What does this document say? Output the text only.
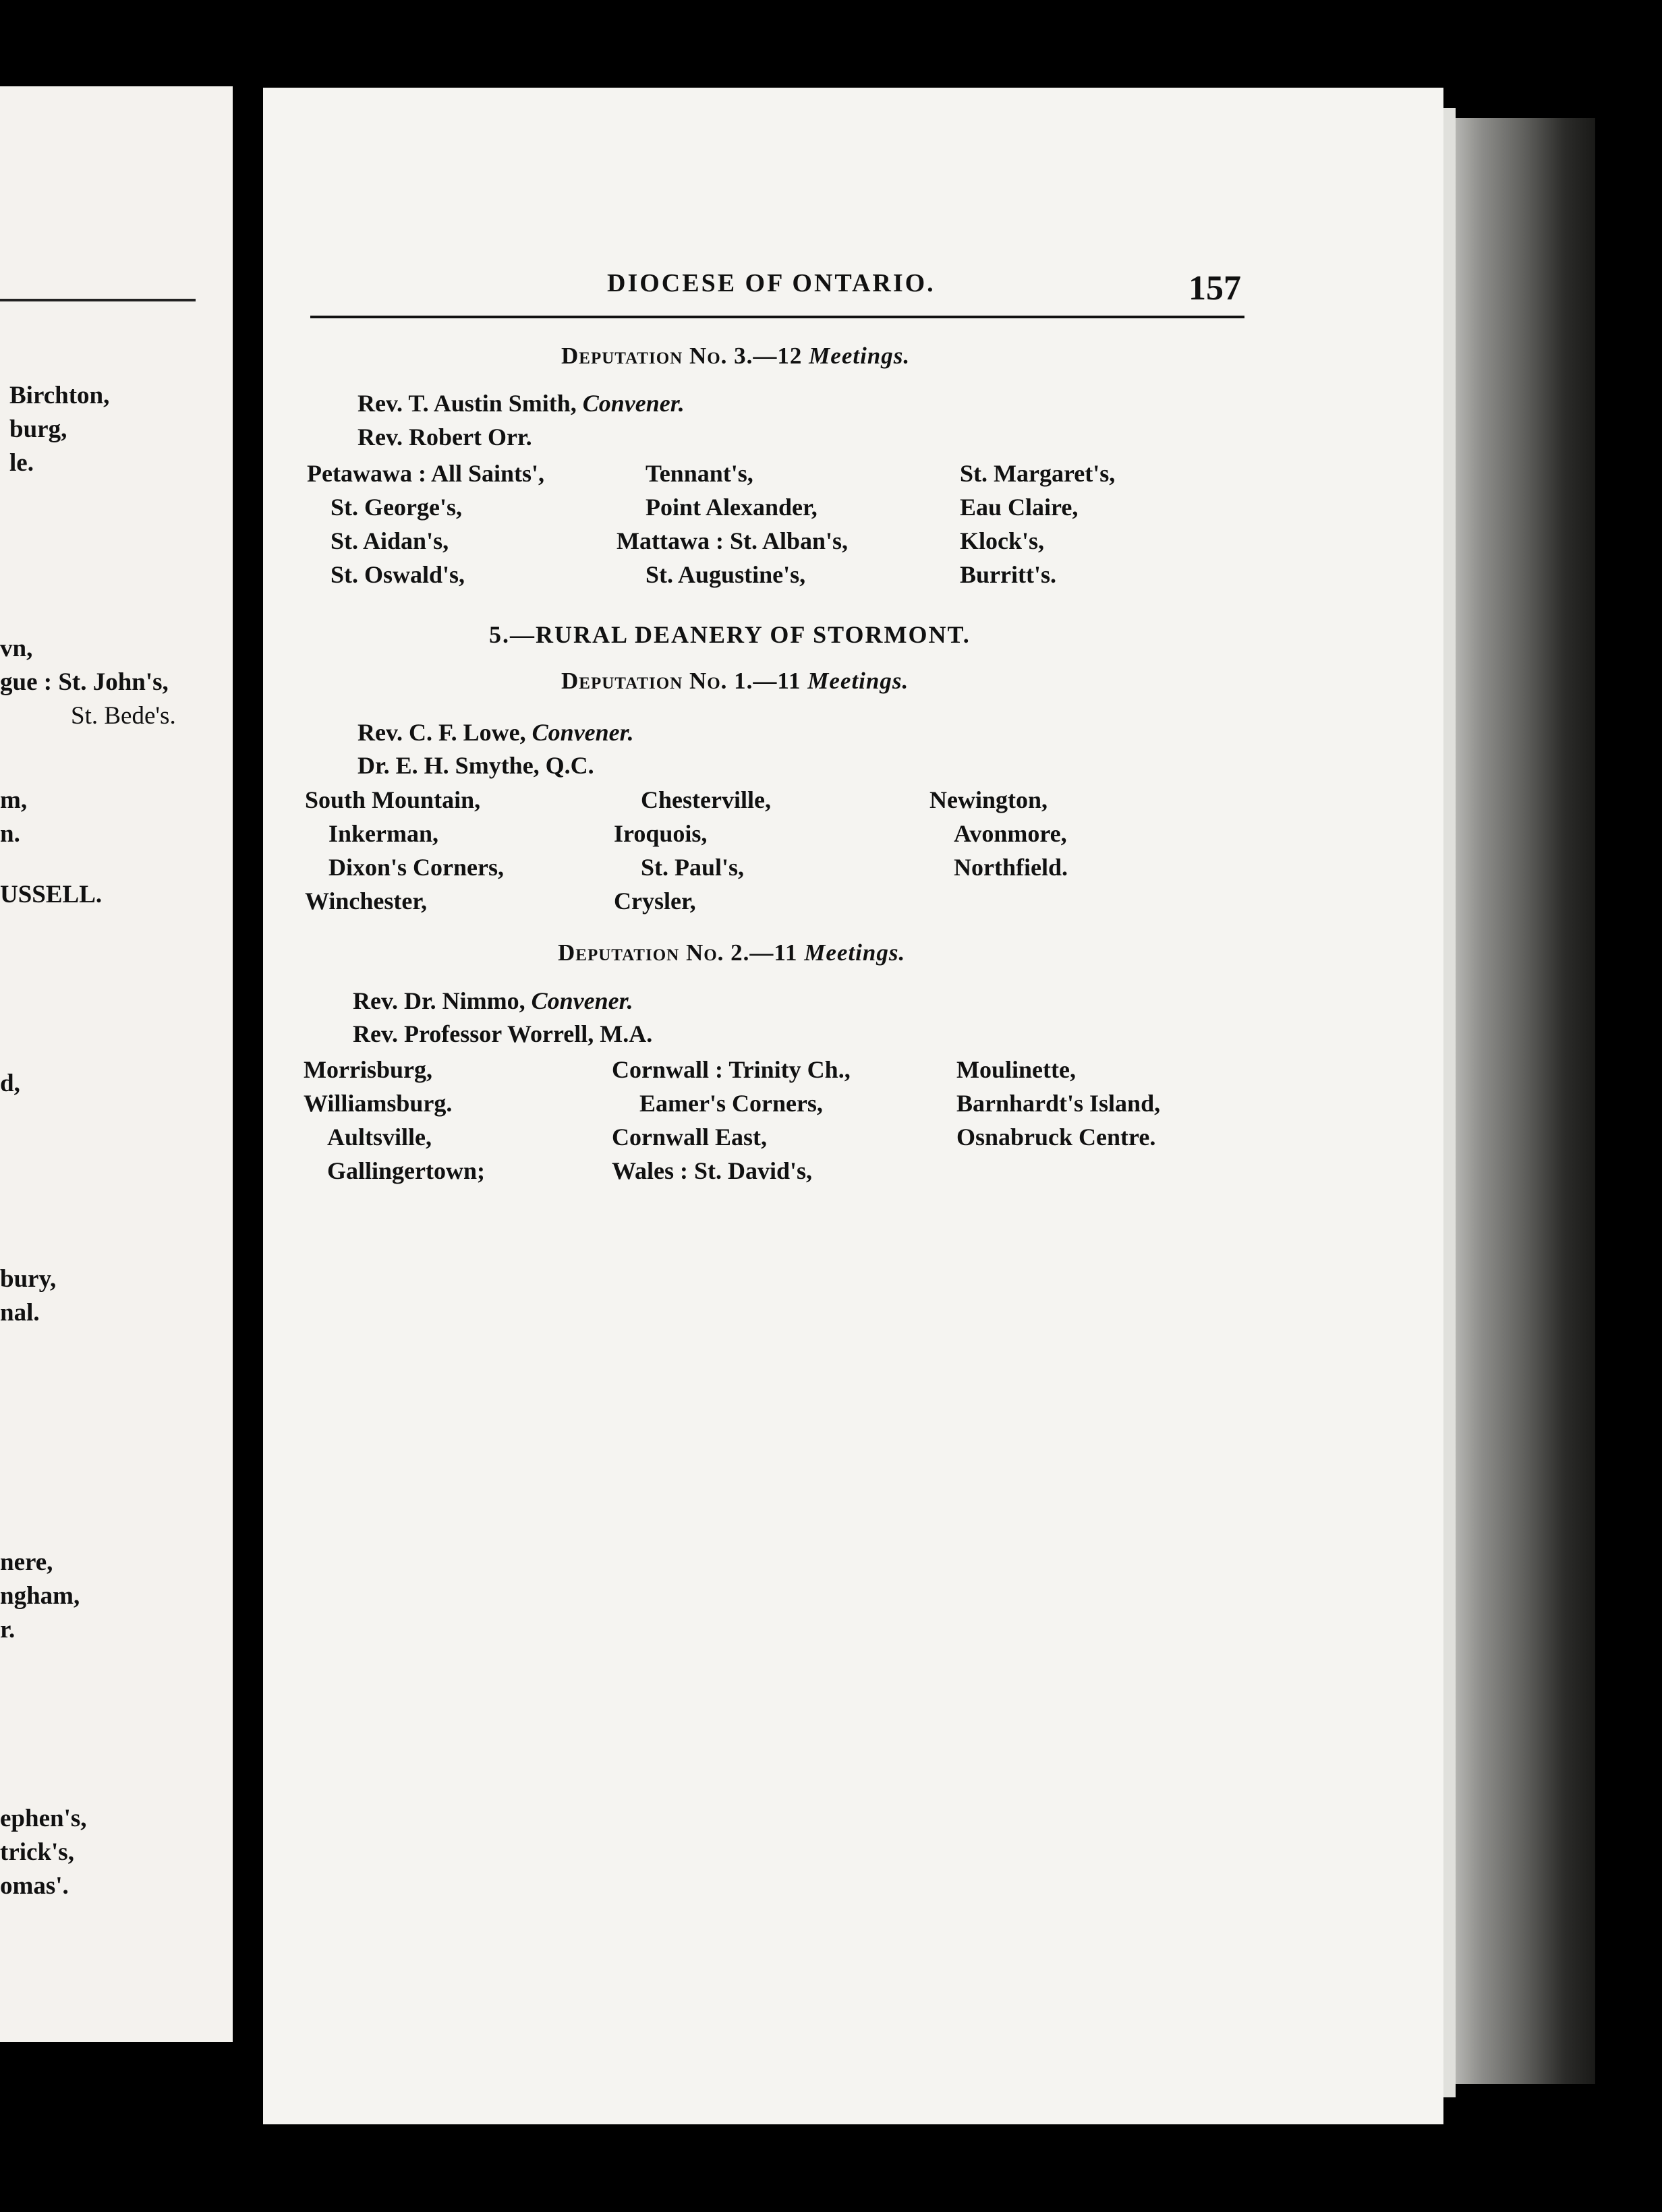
Birchton,
burg,
le.
vn,
gue : St. John's,
St. Bede's.
m,
n.
USSELL.
d,
bury,
nal.
nere,
ngham,
r.
ephen's,
trick's,
omas'.
DIOCESE OF ONTARIO.	157
Deputation No. 3.—12 Meetings.
Rev. T. Austin Smith, Convener.
Rev. Robert Orr.
Petawawa : All Saints',
St. George's,
St. Aidan's,
St. Oswald's,
Tennant's,
Point Alexander,
Mattawa : St. Alban's,
St. Augustine's,
St. Margaret's,
Eau Claire,
Klock's,
Burritt's.
5.—RURAL DEANERY OF STORMONT.
Deputation No. 1.—11 Meetings.
Rev. C. F. Lowe, Convener.
Dr. E. H. Smythe, Q.C.
South Mountain,
Inkerman,
Dixon's Corners,
Winchester,
Chesterville,
Iroquois,
St. Paul's,
Crysler,
Newington,
Avonmore,
Northfield.
Deputation No. 2.—11 Meetings.
Rev. Dr. Nimmo, Convener.
Rev. Professor Worrell, M.A.
Morrisburg,
Williamsburg.
Aultsville,
Gallingertown;
Cornwall : Trinity Ch.,
Eamer's Corners,
Cornwall East,
Wales : St. David's,
Moulinette,
Barnhardt's Island,
Osnabruck Centre.
